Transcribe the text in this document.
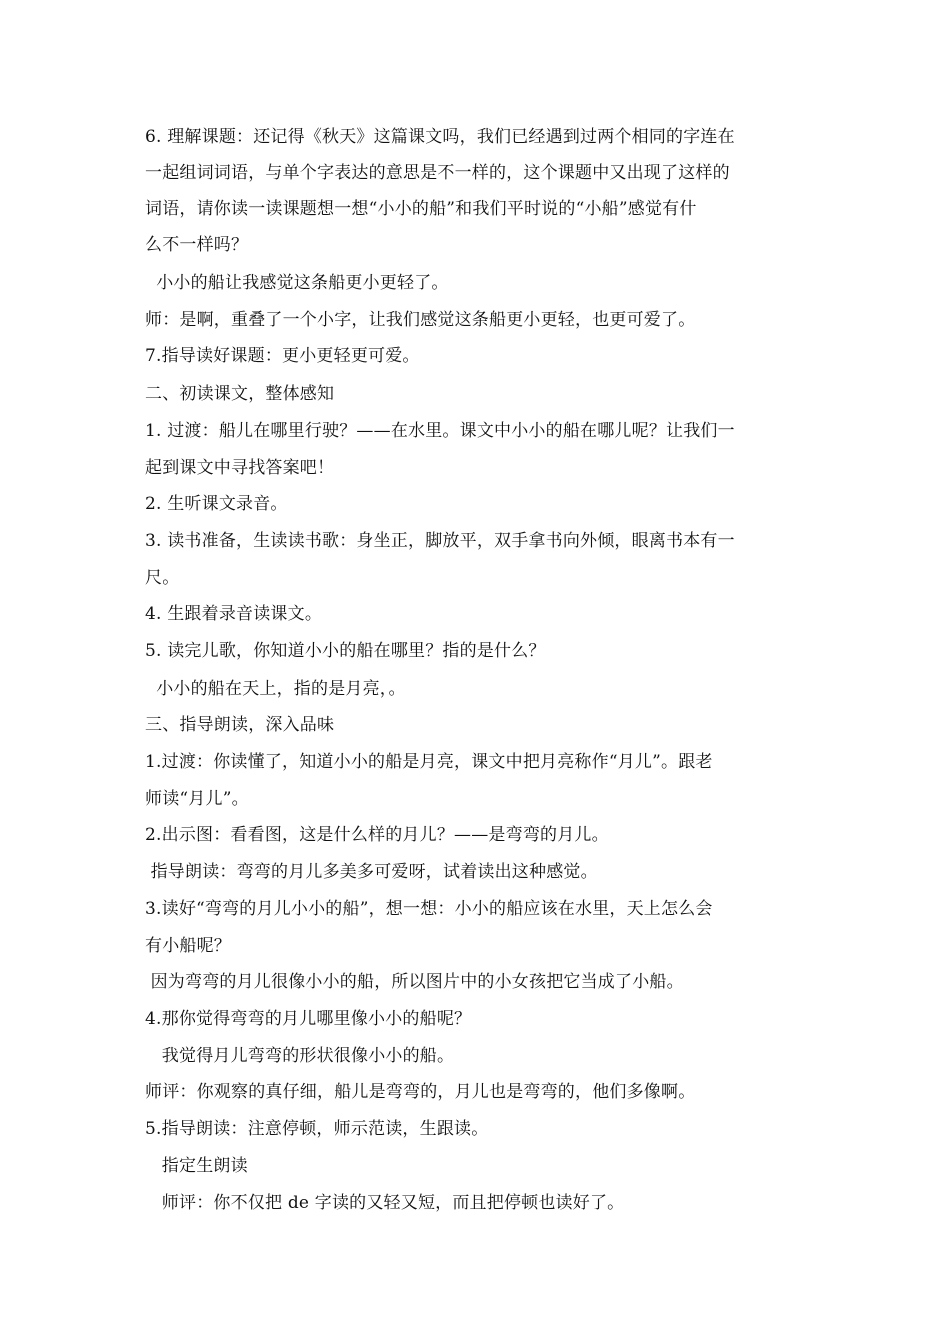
6. 理解课题：还记得《秋天》这篇课文吗，我们已经遇到过两个相同的字连在
一起组词词语，与单个字表达的意思是不一样的，这个课题中又出现了这样的
词语，请你读一读课题想一想“小小的船”和我们平时说的“小船”感觉有什
么不一样吗？
小小的船让我感觉这条船更小更轻了。
师：是啊，重叠了一个小字，让我们感觉这条船更小更轻，也更可爱了。
7.指导读好课题：更小更轻更可爱。
二、初读课文，整体感知
1. 过渡：船儿在哪里行驶？——在水里。课文中小小的船在哪儿呢？让我们一
起到课文中寻找答案吧！
2. 生听课文录音。
3. 读书准备，生读读书歌：身坐正，脚放平，双手拿书向外倾，眼离书本有一
尺。
4. 生跟着录音读课文。
5. 读完儿歌，你知道小小的船在哪里？指的是什么？
小小的船在天上，指的是月亮，。
三、指导朗读，深入品味
1.过渡：你读懂了，知道小小的船是月亮，课文中把月亮称作“月儿”。跟老
师读“月儿”。
2.出示图：看看图，这是什么样的月儿？——是弯弯的月儿。
指导朗读：弯弯的月儿多美多可爱呀，试着读出这种感觉。
3.读好“弯弯的月儿小小的船”，想一想：小小的船应该在水里，天上怎么会
有小船呢？
因为弯弯的月儿很像小小的船，所以图片中的小女孩把它当成了小船。
4.那你觉得弯弯的月儿哪里像小小的船呢？
我觉得月儿弯弯的形状很像小小的船。
师评：你观察的真仔细，船儿是弯弯的，月儿也是弯弯的，他们多像啊。
5.指导朗读：注意停顿，师示范读，生跟读。
指定生朗读
师评：你不仅把 de 字读的又轻又短，而且把停顿也读好了。
